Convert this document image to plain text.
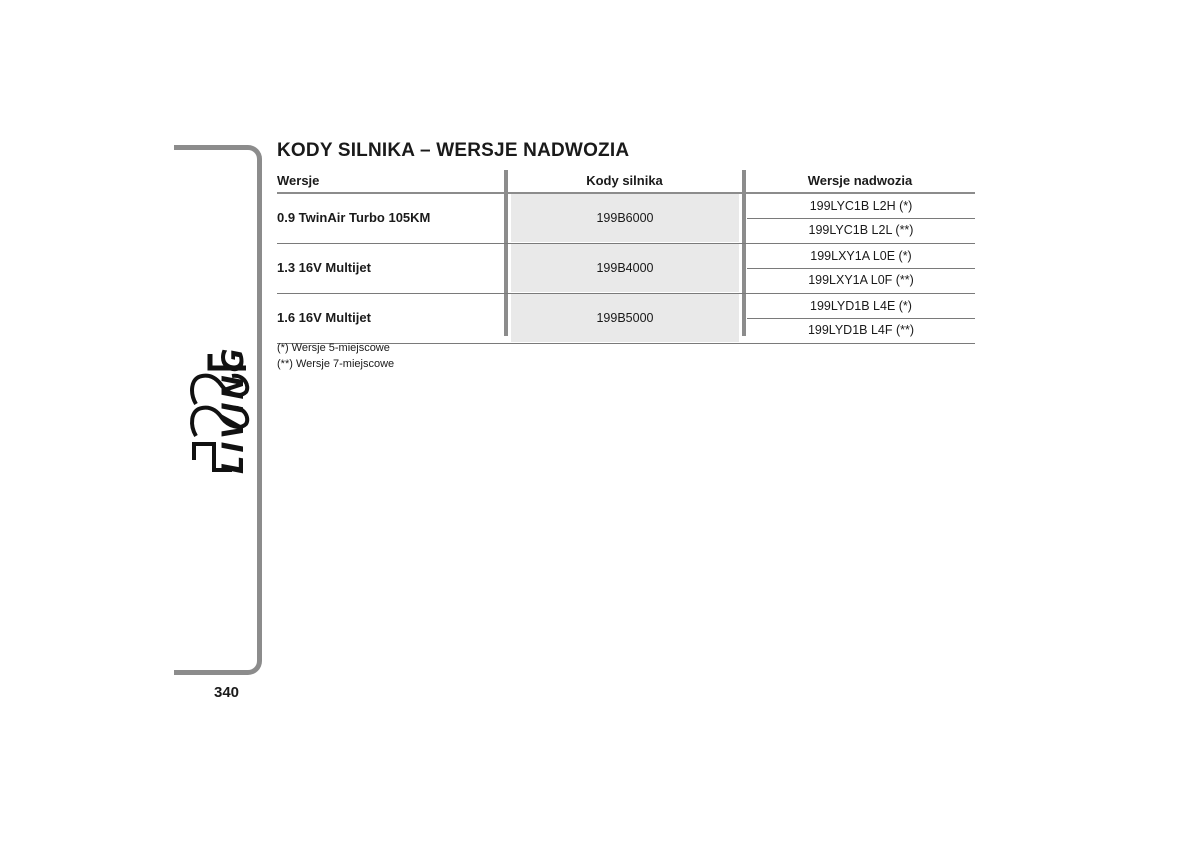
LIVING
KODY SILNIKA – WERSJE NADWOZIA
Wersje	Kody silnika	Wersje nadwozia
0.9 TwinAir Turbo 105KM	199B6000
199LYC1B L2H (*)
199LYC1B L2L (**)
1.3 16V Multijet	199B4000
199LXY1A L0E (*)
199LXY1A L0F (**)
1.6 16V Multijet	199B5000
199LYD1B L4E (*)
199LYD1B L4F (**)
(*) Wersje 5-miejscowe
(**) Wersje 7-miejscowe
340
